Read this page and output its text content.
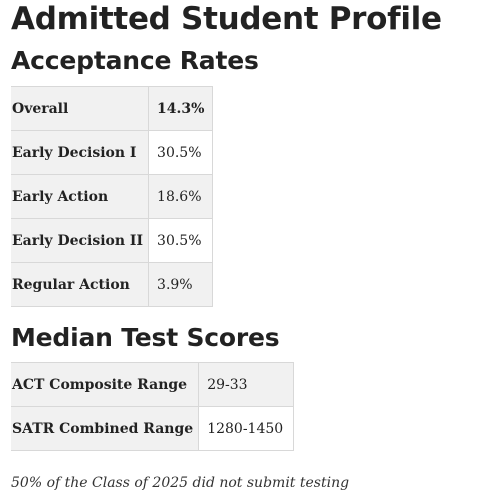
Admitted Student Profile
Acceptance Rates
Overall	14.3%
Early Decision I	30.5%
Early Action	18.6%
Early Decision II	30.5%
Regular Action	3.9%
Median Test Scores
ACT Composite Range	29-33
SATR Combined Range	1280-1450
50% of the Class of 2025 did not submit testing
